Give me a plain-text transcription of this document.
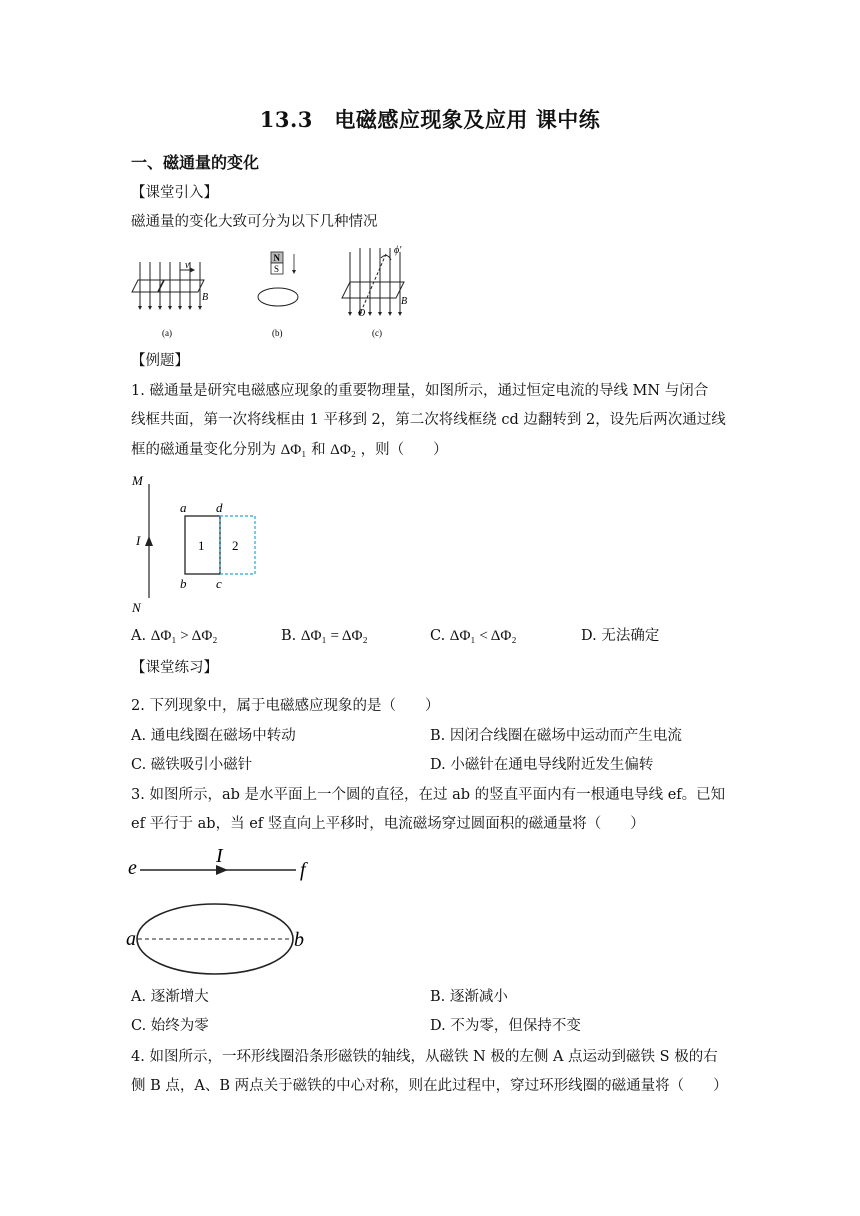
13.3　电磁感应现象及应用 课中练
一、磁通量的变化
【课堂引入】
磁通量的变化大致可分为以下几种情况
v
B
(a)
N
S
(b)
ϕ′
B
O
(c)
【例题】
1. 磁通量是研究电磁感应现象的重要物理量，如图所示，通过恒定电流的导线 MN 与闭合
线框共面，第一次将线框由 1 平移到 2，第二次将线框绕 cd 边翻转到 2，设先后两次通过线
框的磁通量变化分别为 ΔΦ₁ 和 ΔΦ₂ ，则（　　）
M
N
I
a d
b c
1 2
A. ΔΦ₁ > ΔΦ₂	B. ΔΦ₁ = ΔΦ₂	C. ΔΦ₁ < ΔΦ₂	D. 无法确定
【课堂练习】
2. 下列现象中，属于电磁感应现象的是（　　）
A. 通电线圈在磁场中转动	B. 因闭合线圈在磁场中运动而产生电流
C. 磁铁吸引小磁针	D. 小磁针在通电导线附近发生偏转
3. 如图所示，ab 是水平面上一个圆的直径，在过 ab 的竖直平面内有一根通电导线 ef。已知
ef 平行于 ab，当 ef 竖直向上平移时，电流磁场穿过圆面积的磁通量将（　　）
e	f
I
a	b
A. 逐渐增大	B. 逐渐减小
C. 始终为零	D. 不为零，但保持不变
4. 如图所示，一环形线圈沿条形磁铁的轴线，从磁铁 N 极的左侧 A 点运动到磁铁 S 极的右
侧 B 点，A、B 两点关于磁铁的中心对称，则在此过程中，穿过环形线圈的磁通量将（　　）
